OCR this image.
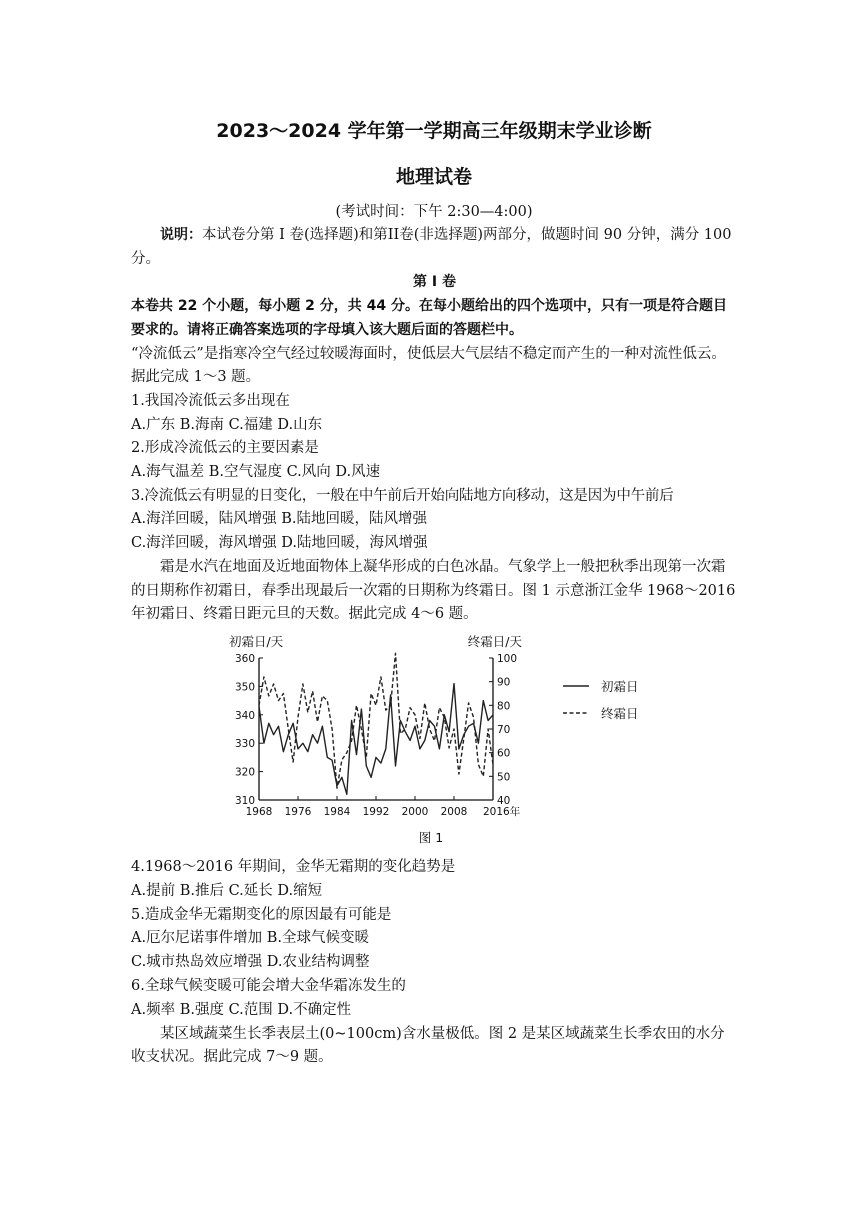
2023～2024 学年第一学期高三年级期末学业诊断
地理试卷
(考试时间：下午 2:30—4:00)

说明：本试卷分第 I 卷(选择题)和第II卷(非选择题)两部分，做题时间 90 分钟，满分 100 分。

第 I 卷

本卷共 22 个小题，每小题 2 分，共 44 分。在每小题给出的四个选项中，只有一项是符合题目要求的。请将正确答案选项的字母填入该大题后面的答题栏中。

“冷流低云”是指寒冷空气经过较暖海面时，使低层大气层结不稳定而产生的一种对流性低云。据此完成 1～3 题。

1.我国冷流低云多出现在

A.广东 B.海南 C.福建 D.山东

2.形成冷流低云的主要因素是

A.海气温差 B.空气湿度 C.风向 D.风速

3.冷流低云有明显的日变化，一般在中午前后开始向陆地方向移动，这是因为中午前后

A.海洋回暖，陆风增强 B.陆地回暖，陆风增强

C.海洋回暖，海风增强 D.陆地回暖，海风增强

霜是水汽在地面及近地面物体上凝华形成的白色冰晶。气象学上一般把秋季出现第一次霜的日期称作初霜日，春季出现最后一次霜的日期称为终霜日。图 1 示意浙江金华 1968～2016 年初霜日、终霜日距元旦的天数。据此完成 4～6 题。

初霜日/天	终霜日/天
310
320
330
340
350
360
40
50
60
70
80
90
100
1968 1976 1984 1992 2000 2008 2016年
初霜日
终霜日
图 1

4.1968～2016 年期间，金华无霜期的变化趋势是

A.提前 B.推后 C.延长 D.缩短

5.造成金华无霜期变化的原因最有可能是

A.厄尔尼诺事件增加 B.全球气候变暖

C.城市热岛效应增强 D.农业结构调整

6.全球气候变暖可能会增大金华霜冻发生的

A.频率 B.强度 C.范围 D.不确定性

某区域蔬菜生长季表层土(0~100cm)含水量极低。图 2 是某区域蔬菜生长季农田的水分收支状况。据此完成 7～9 题。
